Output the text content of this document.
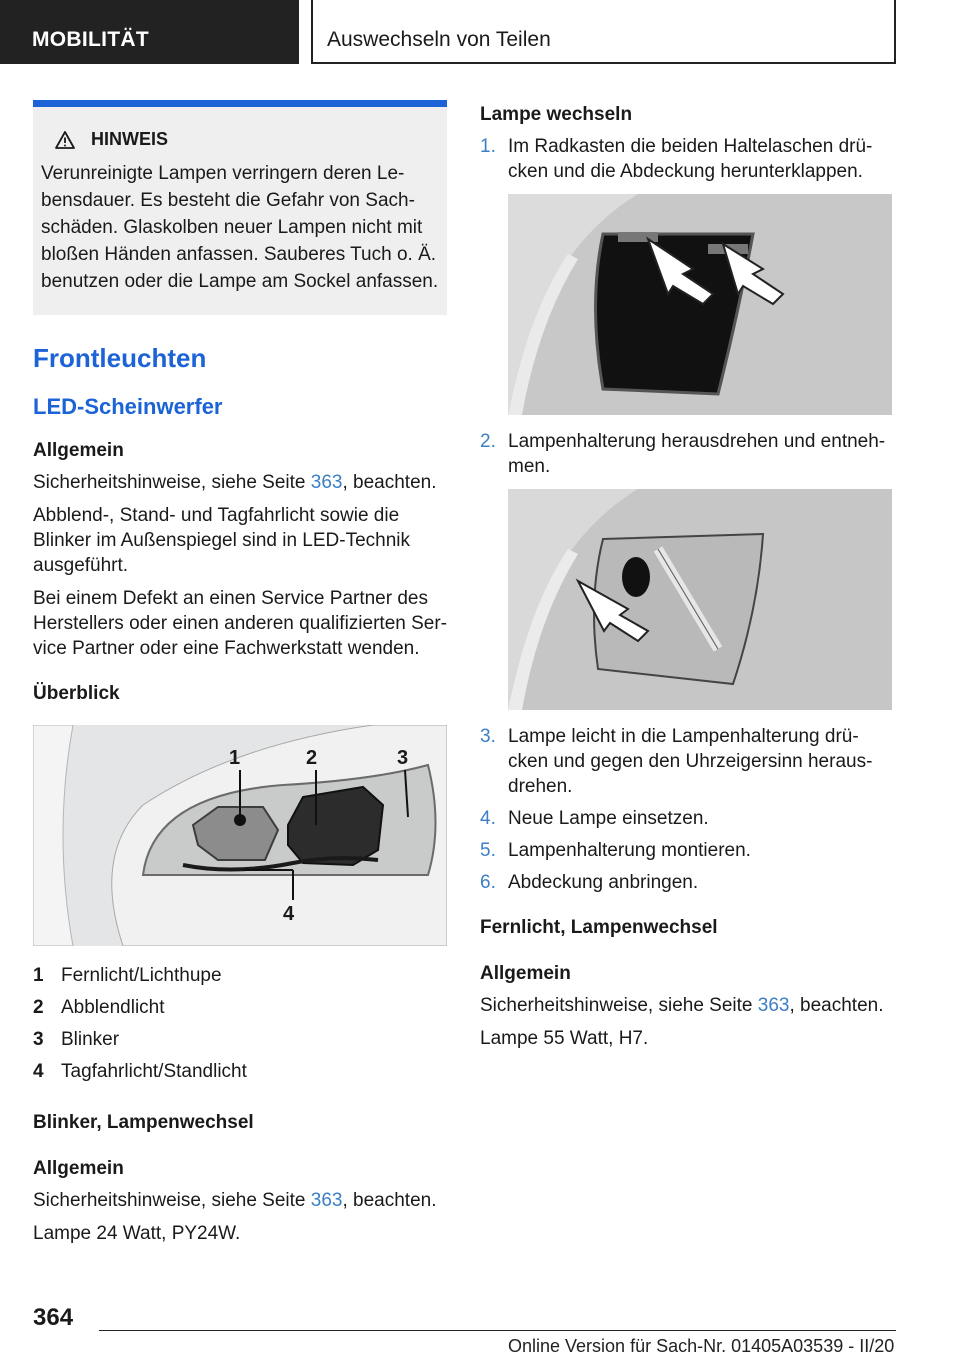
MOBILITÄT	Auswechseln von Teilen
HINWEIS
Verunreinigte Lampen verringern deren Le-bensdauer. Es besteht die Gefahr von Sach-schäden. Glaskolben neuer Lampen nicht mit bloßen Händen anfassen. Sauberes Tuch o. Ä. benutzen oder die Lampe am Sockel anfassen.
Frontleuchten
LED-Scheinwerfer
Allgemein

Sicherheitshinweise, siehe Seite 363, beachten.

Abblend-, Stand- und Tagfahrlicht sowie die Blinker im Außenspiegel sind in LED-Technik ausgeführt.

Bei einem Defekt an einen Service Partner des Herstellers oder einen anderen qualifizierten Ser-vice Partner oder eine Fachwerkstatt wenden.

Überblick
1	2	3
4
1 Fernlicht/Lichthupe
2 Abblendlicht
3 Blinker
4 Tagfahrlicht/Standlicht
Blinker, Lampenwechsel
Allgemein

Sicherheitshinweise, siehe Seite 363, beachten.

Lampe 24 Watt, PY24W.

Lampe wechseln
1. Im Radkasten die beiden Haltelaschen drü-cken und die Abdeckung herunterklappen.
2. Lampenhalterung herausdrehen und entneh-men.
3. Lampe leicht in die Lampenhalterung drü-cken und gegen den Uhrzeigersinn heraus-drehen.
4. Neue Lampe einsetzen.
5. Lampenhalterung montieren.
6. Abdeckung anbringen.
Fernlicht, Lampenwechsel
Allgemein

Sicherheitshinweise, siehe Seite 363, beachten.

Lampe 55 Watt, H7.

364
Online Version für Sach-Nr. 01405A03539 - II/20
